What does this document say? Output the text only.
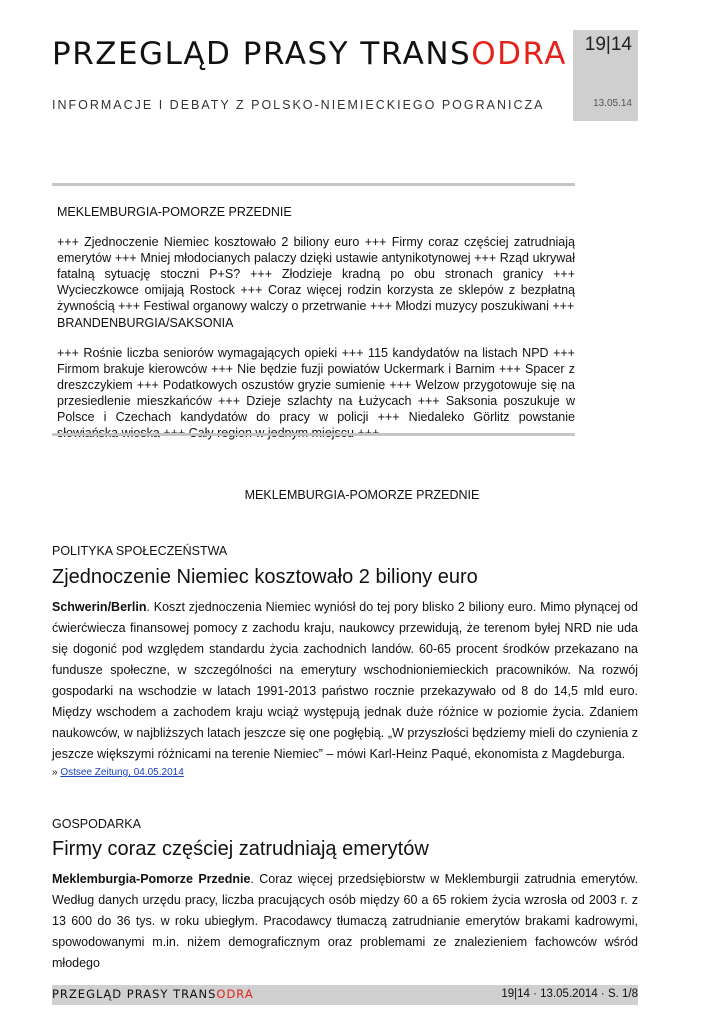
PRZEGLĄD PRASY TRANSODRA
INFORMACJE I DEBATY Z POLSKO-NIEMIECKIEGO POGRANICZA
19|14
13.05.14
MEKLEMBURGIA-POMORZE PRZEDNIE

+++ Zjednoczenie Niemiec kosztowało 2 biliony euro +++ Firmy coraz częściej zatrudniają emerytów +++ Mniej młodocianych palaczy dzięki ustawie antynikotynowej +++ Rząd ukrywał fatalną sytuację stoczni P+S? +++ Złodzieje kradną po obu stronach granicy +++ Wycieczkowce omijają Rostock +++ Coraz więcej rodzin korzysta ze sklepów z bezpłatną żywnością +++ Festiwal organowy walczy o przetrwanie +++ Młodzi muzycy poszukiwani +++

BRANDENBURGIA/SAKSONIA

+++ Rośnie liczba seniorów wymagających opieki +++ 115 kandydatów na listach NPD +++ Firmom brakuje kierowców +++ Nie będzie fuzji powiatów Uckermark i Barnim +++ Spacer z dreszczykiem +++ Podatkowych oszustów gryzie sumienie +++ Welzow przygotowuje się na przesiedlenie mieszkańców +++ Dzieje szlachty na Łużycach +++ Saksonia poszukuje w Polsce i Czechach kandydatów do pracy w policji +++ Niedaleko Görlitz powstanie

MEKLEMBURGIA-POMORZE PRZEDNIE
POLITYKA SPOŁECZEŃSTWA
Zjednoczenie Niemiec kosztowało 2 biliony euro

Schwerin/Berlin. Koszt zjednoczenia Niemiec wyniósł do tej pory blisko 2 biliony euro. Mimo płynącej od ćwierćwiecza finansowej pomocy z zachodu kraju, naukowcy przewidują, że terenom byłej NRD nie uda się dogonić pod względem standardu życia zachodnich landów. 60-65 procent środków przekazano na fundusze społeczne, w szczególności na emerytury wschodnioniemieckich pracowników. Na rozwój gospodarki na wschodzie w latach 1991-2013 państwo rocznie przekazywało od 8 do 14,5 mld euro. Między wschodem a zachodem kraju wciąż występują jednak duże różnice w poziomie życia. Zdaniem naukowców, w najbliższych latach jeszcze się one pogłębią. „W przyszłości będziemy mieli do czynienia z jeszcze większymi różnicami na terenie Niemiec” – mówi Karl-Heinz Paqué, ekonomista z Magdeburga.

» Ostsee Zeitung, 04.05.2014
GOSPODARKA
Firmy coraz częściej zatrudniają emerytów

Meklemburgia-Pomorze Przednie. Coraz więcej przedsiębiorstw w Meklemburgii zatrudnia emerytów. Według danych urzędu pracy, liczba pracujących osób między 60 a 65 rokiem życia wzrosła od 2003 r. z 13 600 do 36 tys. w roku ubiegłym. Pracodawcy tłumaczą zatrudnianie emerytów brakami kadrowymi, spowodowanymi m.in. niżem demograficznym oraz problemami ze znalezieniem fachowców wśród młodego

PRZEGLĄD PRASY TRANSODRA	19|14 · 13.05.2014 · S. 1/8
